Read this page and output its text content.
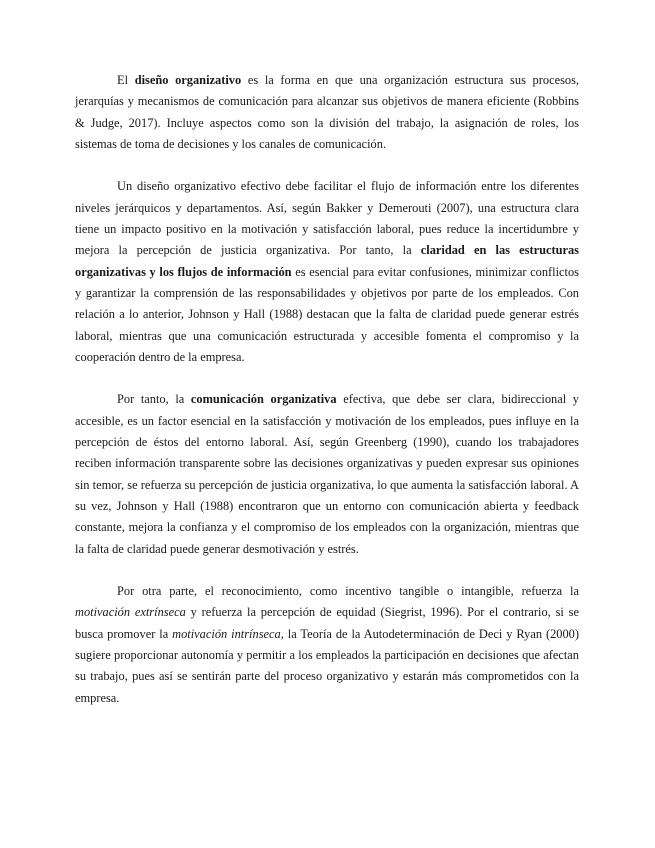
El diseño organizativo es la forma en que una organización estructura sus procesos, jerarquías y mecanismos de comunicación para alcanzar sus objetivos de manera eficiente (Robbins & Judge, 2017). Incluye aspectos como son la división del trabajo, la asignación de roles, los sistemas de toma de decisiones y los canales de comunicación.

Un diseño organizativo efectivo debe facilitar el flujo de información entre los diferentes niveles jerárquicos y departamentos. Así, según Bakker y Demerouti (2007), una estructura clara tiene un impacto positivo en la motivación y satisfacción laboral, pues reduce la incertidumbre y mejora la percepción de justicia organizativa. Por tanto, la claridad en las estructuras organizativas y los flujos de información es esencial para evitar confusiones, minimizar conflictos y garantizar la comprensión de las responsabilidades y objetivos por parte de los empleados. Con relación a lo anterior, Johnson y Hall (1988) destacan que la falta de claridad puede generar estrés laboral, mientras que una comunicación estructurada y accesible fomenta el compromiso y la cooperación dentro de la empresa.

Por tanto, la comunicación organizativa efectiva, que debe ser clara, bidireccional y accesible, es un factor esencial en la satisfacción y motivación de los empleados, pues influye en la percepción de éstos del entorno laboral. Así, según Greenberg (1990), cuando los trabajadores reciben información transparente sobre las decisiones organizativas y pueden expresar sus opiniones sin temor, se refuerza su percepción de justicia organizativa, lo que aumenta la satisfacción laboral. A su vez, Johnson y Hall (1988) encontraron que un entorno con comunicación abierta y feedback constante, mejora la confianza y el compromiso de los empleados con la organización, mientras que la falta de claridad puede generar desmotivación y estrés.

Por otra parte, el reconocimiento, como incentivo tangible o intangible, refuerza la motivación extrínseca y refuerza la percepción de equidad (Siegrist, 1996). Por el contrario, si se busca promover la motivación intrínseca, la Teoría de la Autodeterminación de Deci y Ryan (2000) sugiere proporcionar autonomía y permitir a los empleados la participación en decisiones que afectan su trabajo, pues así se sentirán parte del proceso organizativo y estarán más comprometidos con la empresa.
